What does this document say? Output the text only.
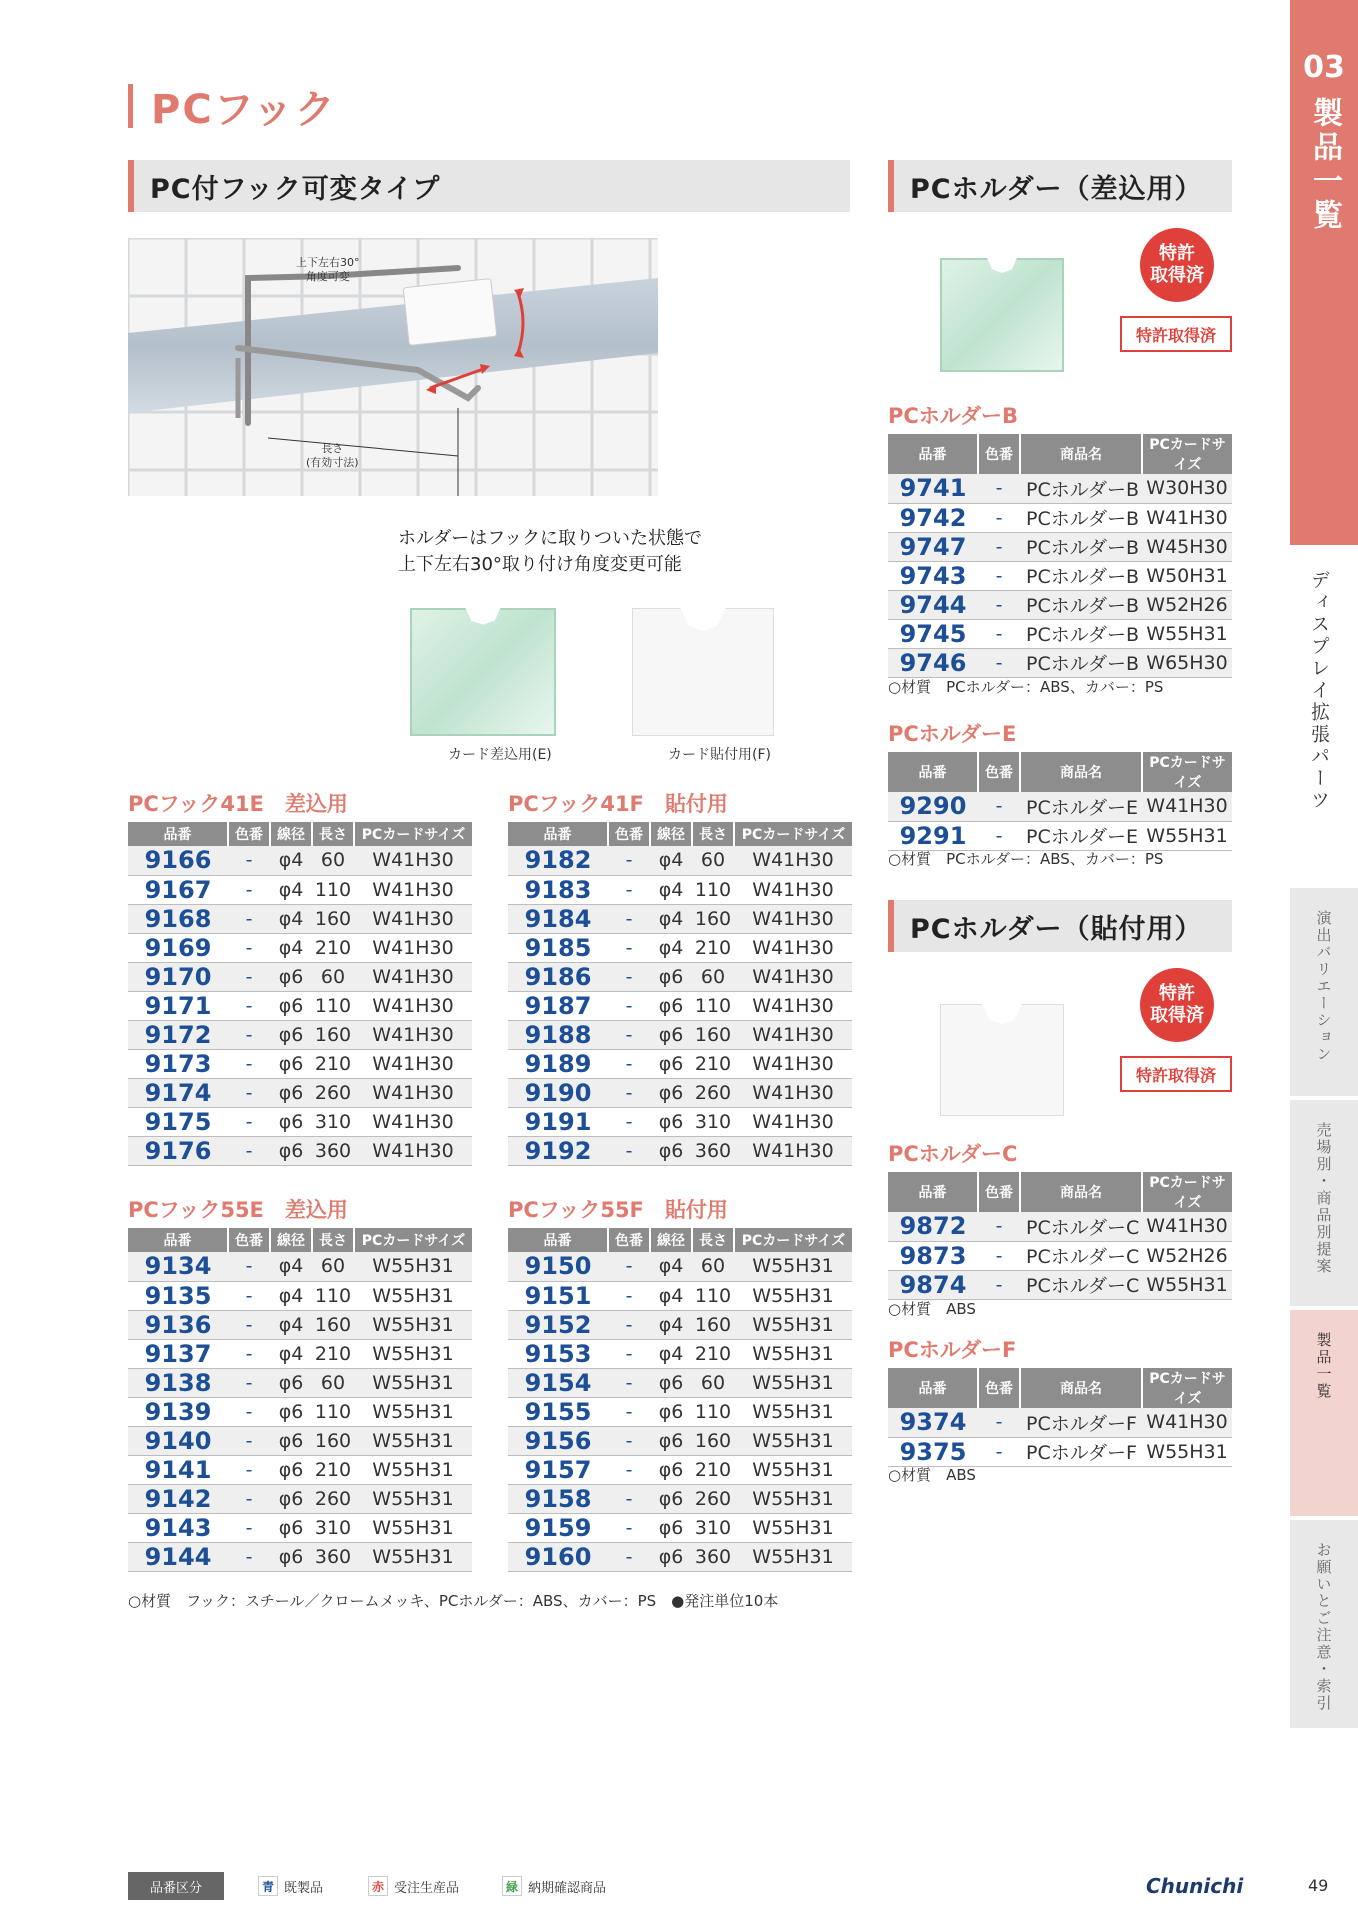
PCフック
PC付フック可変タイプ
上下左右30°
角度可変
長さ
(有効寸法)
ホルダーはフックに取りついた状態で
上下左右30°取り付け角度変更可能
カード差込用(E)	カード貼付用(F)
PCフック41E　差込用
品番	色番	線径	長さ	PCカードサイズ
9166	-	φ4	60	W41H30
9167	-	φ4	110	W41H30
9168	-	φ4	160	W41H30
9169	-	φ4	210	W41H30
9170	-	φ6	60	W41H30
9171	-	φ6	110	W41H30
9172	-	φ6	160	W41H30
9173	-	φ6	210	W41H30
9174	-	φ6	260	W41H30
9175	-	φ6	310	W41H30
9176	-	φ6	360	W41H30
PCフック41F　貼付用
品番	色番	線径	長さ	PCカードサイズ
9182	-	φ4	60	W41H30
9183	-	φ4	110	W41H30
9184	-	φ4	160	W41H30
9185	-	φ4	210	W41H30
9186	-	φ6	60	W41H30
9187	-	φ6	110	W41H30
9188	-	φ6	160	W41H30
9189	-	φ6	210	W41H30
9190	-	φ6	260	W41H30
9191	-	φ6	310	W41H30
9192	-	φ6	360	W41H30
PCフック55E　差込用
品番	色番	線径	長さ	PCカードサイズ
9134	-	φ4	60	W55H31
9135	-	φ4	110	W55H31
9136	-	φ4	160	W55H31
9137	-	φ4	210	W55H31
9138	-	φ6	60	W55H31
9139	-	φ6	110	W55H31
9140	-	φ6	160	W55H31
9141	-	φ6	210	W55H31
9142	-	φ6	260	W55H31
9143	-	φ6	310	W55H31
9144	-	φ6	360	W55H31
PCフック55F　貼付用
品番	色番	線径	長さ	PCカードサイズ
9150	-	φ4	60	W55H31
9151	-	φ4	110	W55H31
9152	-	φ4	160	W55H31
9153	-	φ4	210	W55H31
9154	-	φ6	60	W55H31
9155	-	φ6	110	W55H31
9156	-	φ6	160	W55H31
9157	-	φ6	210	W55H31
9158	-	φ6	260	W55H31
9159	-	φ6	310	W55H31
9160	-	φ6	360	W55H31
○材質　フック：スチール／クロームメッキ、PCホルダー：ABS、カバー：PS　●発注単位10本
PCホルダー（差込用）
特許
取得済
特許取得済
PCホルダーB
品番	色番	商品名	PCカードサイズ
9741	-	PCホルダーB	W30H30
9742	-	PCホルダーB	W41H30
9747	-	PCホルダーB	W45H30
9743	-	PCホルダーB	W50H31
9744	-	PCホルダーB	W52H26
9745	-	PCホルダーB	W55H31
9746	-	PCホルダーB	W65H30
○材質　PCホルダー：ABS、カバー：PS
PCホルダーE
品番	色番	商品名	PCカードサイズ
9290	-	PCホルダーE	W41H30
9291	-	PCホルダーE	W55H31
○材質　PCホルダー：ABS、カバー：PS
PCホルダー（貼付用）
特許
取得済
特許取得済
PCホルダーC
品番	色番	商品名	PCカードサイズ
9872	-	PCホルダーC	W41H30
9873	-	PCホルダーC	W52H26
9874	-	PCホルダーC	W55H31
○材質　ABS
PCホルダーF
品番	色番	商品名	PCカードサイズ
9374	-	PCホルダーF	W41H30
9375	-	PCホルダーF	W55H31
○材質　ABS
03
製品一覧
ディスプレイ拡張パーツ
演出バリエーション
売場別・商品別提案
製品一覧
お願いとご注意・索引
品番区分	青 既製品	赤 受注生産品	緑 納期確認商品	Chunichi	49
